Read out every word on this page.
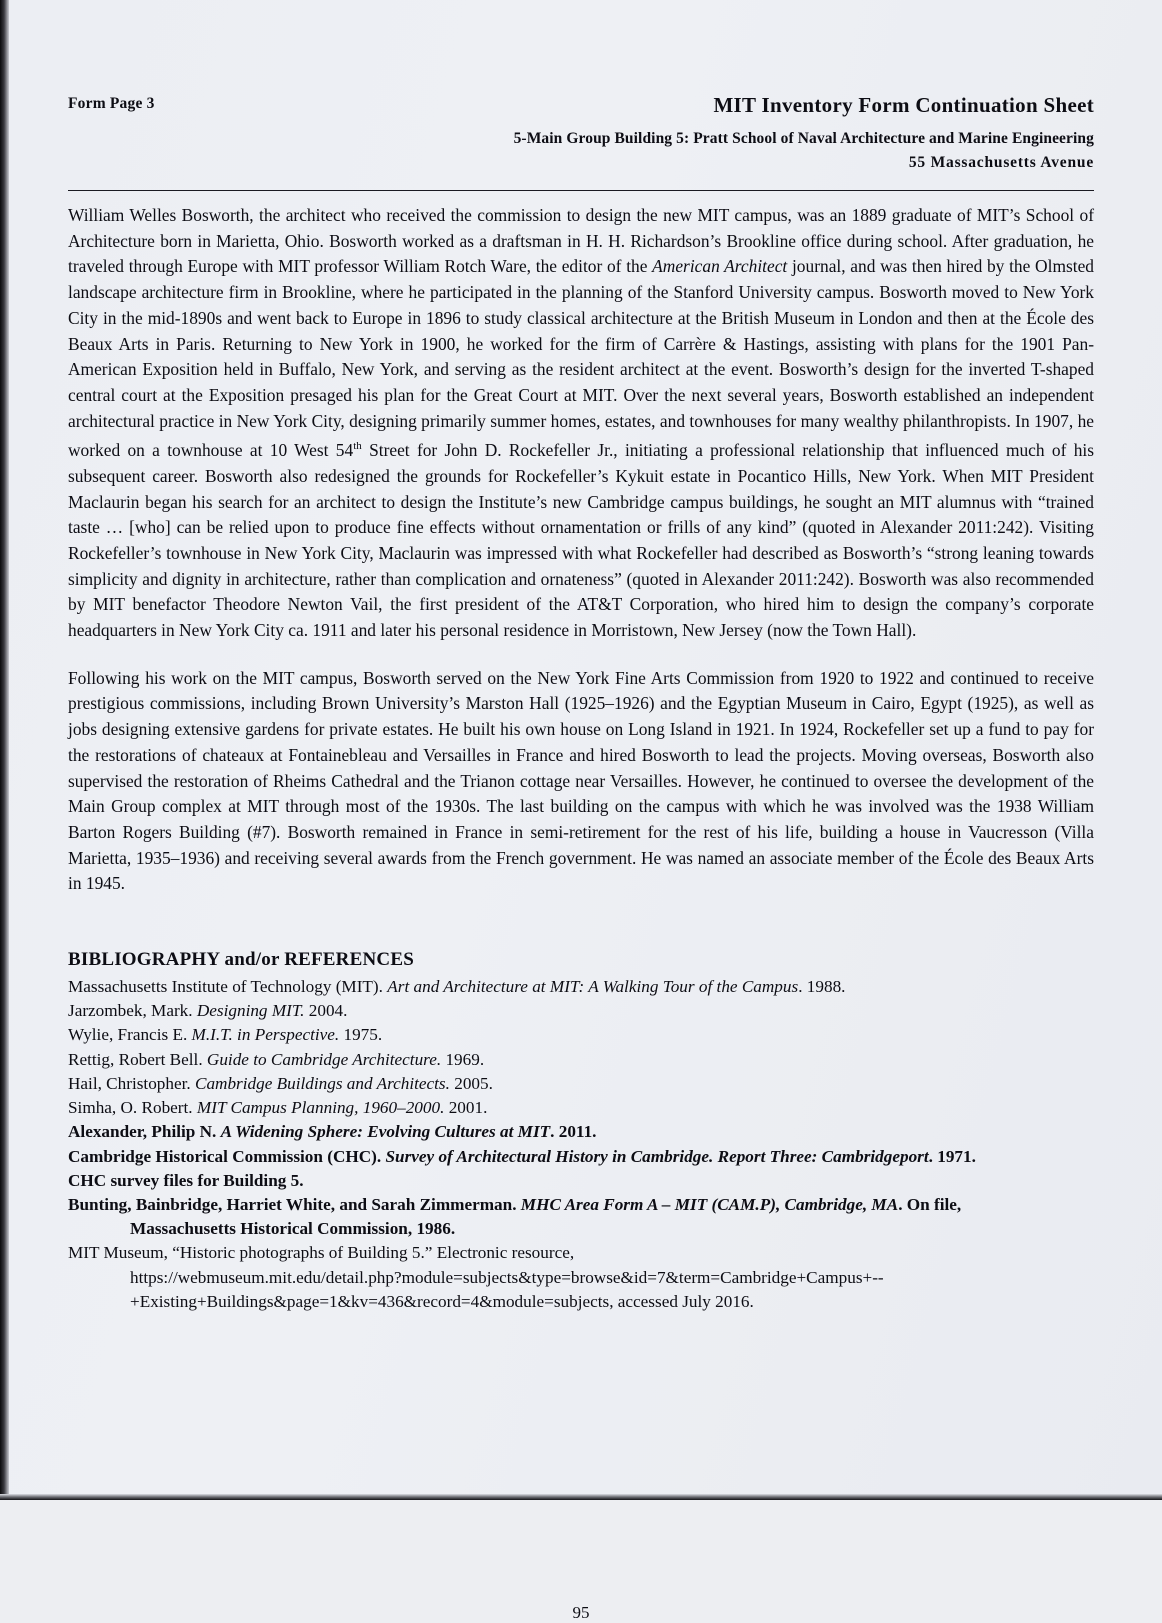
Form Page 3	MIT Inventory Form Continuation Sheet
5-Main Group Building 5: Pratt School of Naval Architecture and Marine Engineering
55 Massachusetts Avenue

William Welles Bosworth, the architect who received the commission to design the new MIT campus, was an 1889 graduate of MIT’s School of Architecture born in Marietta, Ohio. Bosworth worked as a draftsman in H. H. Richardson’s Brookline office during school. After graduation, he traveled through Europe with MIT professor William Rotch Ware, the editor of the American Architect journal, and was then hired by the Olmsted landscape architecture firm in Brookline, where he participated in the planning of the Stanford University campus. Bosworth moved to New York City in the mid-1890s and went back to Europe in 1896 to study classical architecture at the British Museum in London and then at the École des Beaux Arts in Paris. Returning to New York in 1900, he worked for the firm of Carrère & Hastings, assisting with plans for the 1901 Pan-American Exposition held in Buffalo, New York, and serving as the resident architect at the event. Bosworth’s design for the inverted T-shaped central court at the Exposition presaged his plan for the Great Court at MIT. Over the next several years, Bosworth established an independent architectural practice in New York City, designing primarily summer homes, estates, and townhouses for many wealthy philanthropists. In 1907, he worked on a townhouse at 10 West 54th Street for John D. Rockefeller Jr., initiating a professional relationship that influenced much of his subsequent career. Bosworth also redesigned the grounds for Rockefeller’s Kykuit estate in Pocantico Hills, New York. When MIT President Maclaurin began his search for an architect to design the Institute’s new Cambridge campus buildings, he sought an MIT alumnus with “trained taste … [who] can be relied upon to produce fine effects without ornamentation or frills of any kind” (quoted in Alexander 2011:242). Visiting Rockefeller’s townhouse in New York City, Maclaurin was impressed with what Rockefeller had described as Bosworth’s “strong leaning towards simplicity and dignity in architecture, rather than complication and ornateness” (quoted in Alexander 2011:242). Bosworth was also recommended by MIT benefactor Theodore Newton Vail, the first president of the AT&T Corporation, who hired him to design the company’s corporate headquarters in New York City ca. 1911 and later his personal residence in Morristown, New Jersey (now the Town Hall).

Following his work on the MIT campus, Bosworth served on the New York Fine Arts Commission from 1920 to 1922 and continued to receive prestigious commissions, including Brown University’s Marston Hall (1925–1926) and the Egyptian Museum in Cairo, Egypt (1925), as well as jobs designing extensive gardens for private estates. He built his own house on Long Island in 1921. In 1924, Rockefeller set up a fund to pay for the restorations of chateaux at Fontainebleau and Versailles in France and hired Bosworth to lead the projects. Moving overseas, Bosworth also supervised the restoration of Rheims Cathedral and the Trianon cottage near Versailles. However, he continued to oversee the development of the Main Group complex at MIT through most of the 1930s. The last building on the campus with which he was involved was the 1938 William Barton Rogers Building (#7). Bosworth remained in France in semi-retirement for the rest of his life, building a house in Vaucresson (Villa Marietta, 1935–1936) and receiving several awards from the French government. He was named an associate member of the École des Beaux Arts in 1945.

BIBLIOGRAPHY and/or REFERENCES
Massachusetts Institute of Technology (MIT). Art and Architecture at MIT: A Walking Tour of the Campus. 1988.
Jarzombek, Mark. Designing MIT. 2004.
Wylie, Francis E. M.I.T. in Perspective. 1975.
Rettig, Robert Bell. Guide to Cambridge Architecture. 1969.
Hail, Christopher. Cambridge Buildings and Architects. 2005.
Simha, O. Robert. MIT Campus Planning, 1960–2000. 2001.
Alexander, Philip N. A Widening Sphere: Evolving Cultures at MIT. 2011.
Cambridge Historical Commission (CHC). Survey of Architectural History in Cambridge. Report Three: Cambridgeport. 1971.
CHC survey files for Building 5.
Bunting, Bainbridge, Harriet White, and Sarah Zimmerman. MHC Area Form A – MIT (CAM.P), Cambridge, MA. On file,
Massachusetts Historical Commission, 1986.
MIT Museum, “Historic photographs of Building 5.” Electronic resource,
https://webmuseum.mit.edu/detail.php?module=subjects&type=browse&id=7&term=Cambridge+Campus+--
+Existing+Buildings&page=1&kv=436&record=4&module=subjects, accessed July 2016.
95
